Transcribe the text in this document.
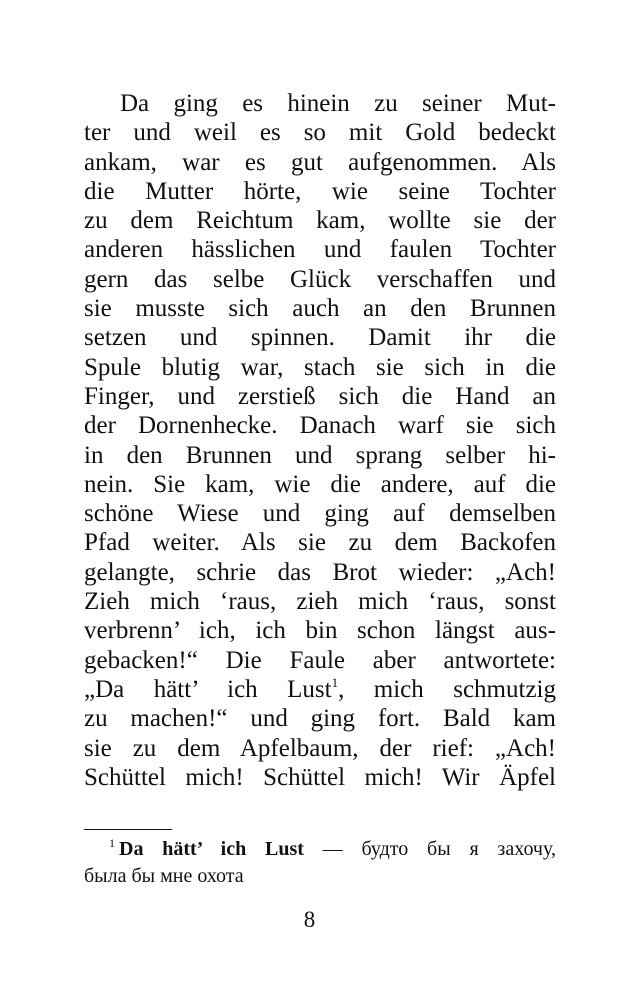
Da ging es hinein zu seiner Mut-
ter und weil es so mit Gold bedeckt
ankam, war es gut aufgenommen. Als
die Mutter hörte, wie seine Tochter
zu dem Reichtum kam, wollte sie der
anderen hässlichen und faulen Tochter
gern das selbe Glück verschaffen und
sie musste sich auch an den Brunnen
setzen und spinnen. Damit ihr die
Spule blutig war, stach sie sich in die
Finger, und zerstieß sich die Hand an
der Dornenhecke. Danach warf sie sich
in den Brunnen und sprang selber hi-
nein. Sie kam, wie die andere, auf die
schöne Wiese und ging auf demselben
Pfad weiter. Als sie zu dem Backofen
gelangte, schrie das Brot wieder: „Ach!
Zieh mich ‘raus, zieh mich ‘raus, sonst
verbrenn’ ich, ich bin schon längst aus-
gebacken!“ Die Faule aber antwortete:
„Da hätt’ ich Lust$^1$, mich schmutzig
zu machen!“ und ging fort. Bald kam
sie zu dem Apfelbaum, der rief: „Ach!
Schüttel mich! Schüttel mich! Wir Äpfel
$^1$ Da hätt’ ich Lust — будто бы я захочу,
была бы мне охота
8
